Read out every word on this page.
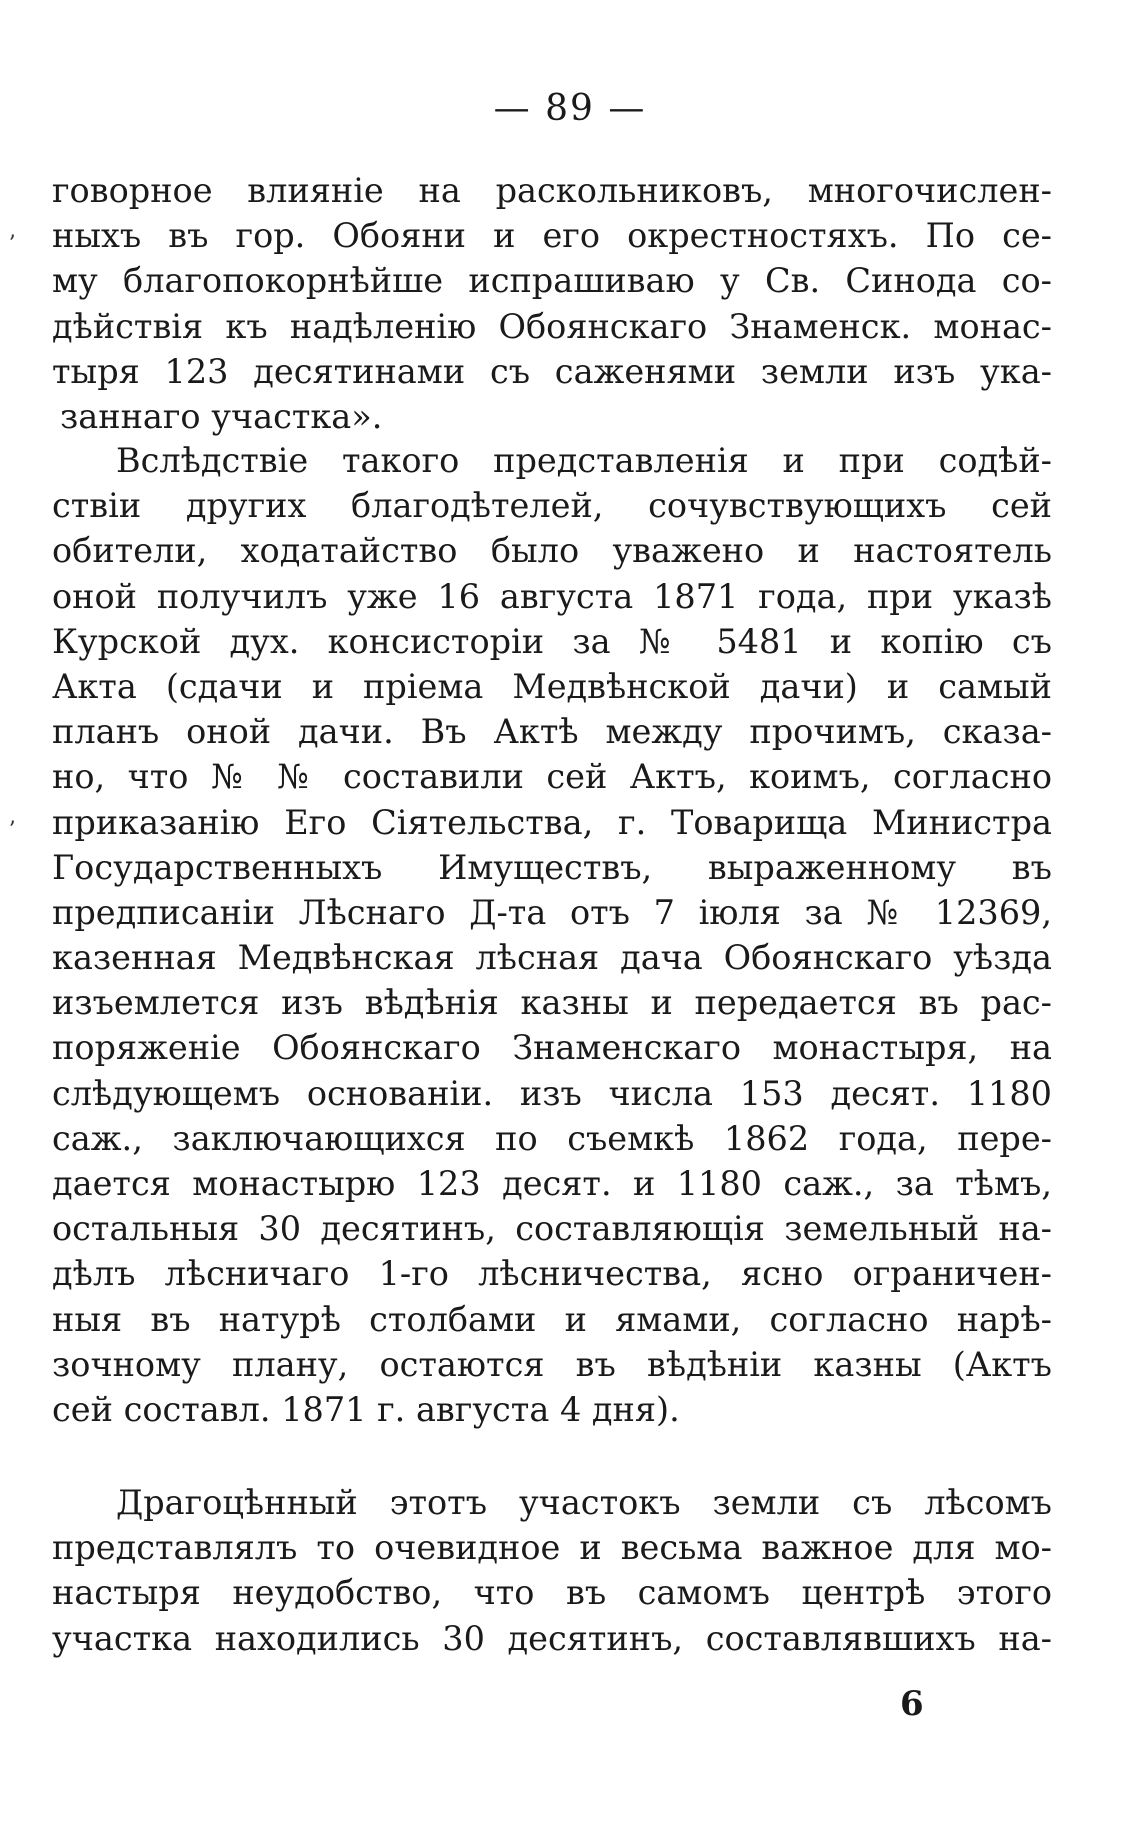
— 89 —
говорное влияніе на раскольниковъ, многочислен-
ныхъ въ гор. Обояни и его окрестностяхъ. По се-
му благопокорнѣйше испрашиваю у Св. Синода со-
дѣйствія къ надѣленію Обоянскаго Знаменск. монас-
тыря 123 десятинами съ саженями земли изъ ука-
заннаго участка».
Вслѣдствіе такого представленія и при содѣй-
ствіи других благодѣтелей, сочувствующихъ сей
обители, ходатайство было уважено и настоятель
оной получилъ уже 16 августа 1871 года, при указѣ
Курской дух. консисторіи за № 5481 и копію съ
Акта (сдачи и пріема Медвѣнской дачи) и самый
планъ оной дачи. Въ Актѣ между прочимъ, сказа-
но, что № № составили сей Актъ, коимъ, согласно
приказанію Его Сіятельства, г. Товарища Министра
Государственныхъ Имуществъ, выраженному въ
предписаніи Лѣснаго Д-та отъ 7 іюля за № 12369,
казенная Медвѣнская лѣсная дача Обоянскаго уѣзда
изъемлется изъ вѣдѣнія казны и передается въ рас-
поряженіе Обоянскаго Знаменскаго монастыря, на
слѣдующемъ основаніи. изъ числа 153 десят. 1180
саж., заключающихся по съемкѣ 1862 года, пере-
дается монастырю 123 десят. и 1180 саж., за тѣмъ,
остальныя 30 десятинъ, составляющія земельный на-
дѣлъ лѣсничаго 1-го лѣсничества, ясно ограничен-
ныя въ натурѣ столбами и ямами, согласно нарѣ-
зочному плану, остаются въ вѣдѣніи казны (Актъ
сей составл. 1871 г. августа 4 дня).
Драгоцѣнный этотъ участокъ земли съ лѣсомъ
представлялъ то очевидное и весьма важное для мо-
настыря неудобство, что въ самомъ центрѣ этого
участка находились 30 десятинъ, составлявшихъ на-
6
ʼ
ʼ
